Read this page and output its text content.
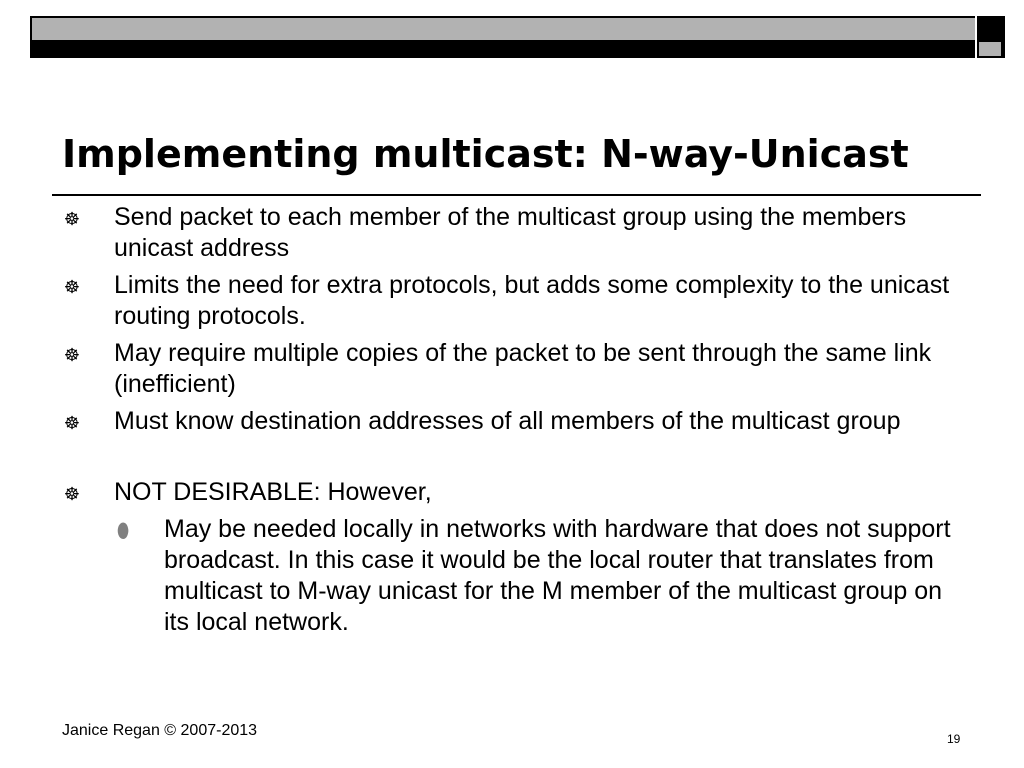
Implementing multicast: N-way-Unicast
☸ Send packet to each member of the multicast group using the members unicast address
☸ Limits the need for extra protocols, but adds some complexity to the unicast routing protocols.
☸ May require multiple copies of the packet to be sent through the same link (inefficient)
☸ Must know destination addresses of all members of the multicast group
☸ NOT DESIRABLE: However,
⬮ May be needed locally in networks with hardware that does not support broadcast. In this case it would be the local router that translates from multicast to M-way unicast for the M member of the multicast group on its local network.
Janice Regan © 2007-2013	19
